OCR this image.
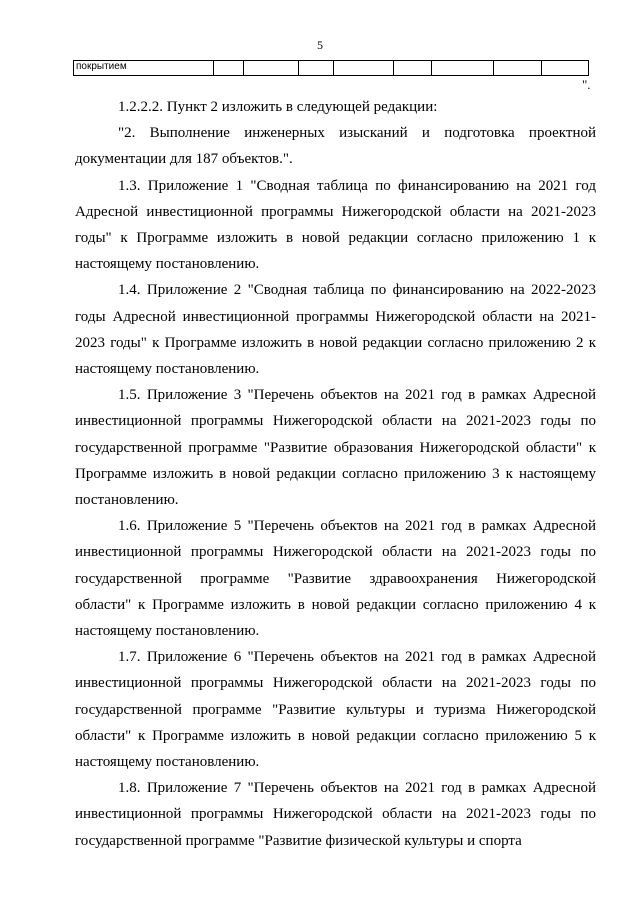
5
покрытием								
".

1.2.2.2. Пункт 2 изложить в следующей редакции:

"2. Выполнение инженерных изысканий и подготовка проектной документации для 187 объектов.".

1.3. Приложение 1 "Сводная таблица по финансированию на 2021 год Адресной инвестиционной программы Нижегородской области на 2021-2023 годы" к Программе изложить в новой редакции согласно приложению 1 к настоящему постановлению.

1.4. Приложение 2 "Сводная таблица по финансированию на 2022-2023 годы Адресной инвестиционной программы Нижегородской области на 2021-2023 годы" к Программе изложить в новой редакции согласно приложению 2 к настоящему постановлению.

1.5. Приложение 3 "Перечень объектов на 2021 год в рамках Адресной инвестиционной программы Нижегородской области на 2021-2023 годы по государственной программе "Развитие образования Нижегородской области" к Программе изложить в новой редакции согласно приложению 3 к настоящему постановлению.

1.6. Приложение 5 "Перечень объектов на 2021 год в рамках Адресной инвестиционной программы Нижегородской области на 2021-2023 годы по государственной программе "Развитие здравоохранения Нижегородской области" к Программе изложить в новой редакции согласно приложению 4 к настоящему постановлению.

1.7. Приложение 6 "Перечень объектов на 2021 год в рамках Адресной инвестиционной программы Нижегородской области на 2021-2023 годы по государственной программе "Развитие культуры и туризма Нижегородской области" к Программе изложить в новой редакции согласно приложению 5 к настоящему постановлению.

1.8. Приложение 7 "Перечень объектов на 2021 год в рамках Адресной инвестиционной программы Нижегородской области на 2021-2023 годы по государственной программе "Развитие физической культуры и спорта
